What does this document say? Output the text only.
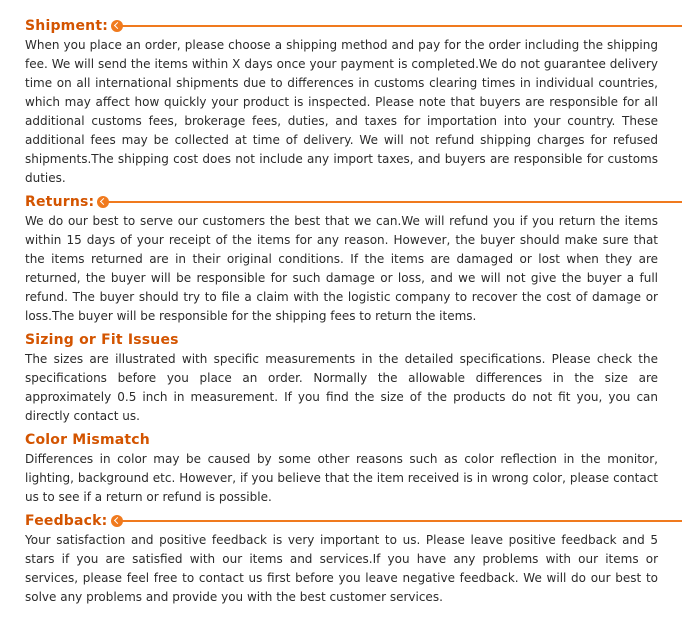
Shipment:

When you place an order, please choose a shipping method and pay for the order including the shipping fee. We will send the items within X days once your payment is completed.We do not guarantee delivery time on all international shipments due to differences in customs clearing times in individual countries, which may affect how quickly your product is inspected. Please note that buyers are responsible for all additional customs fees, brokerage fees, duties, and taxes for importation into your country. These additional fees may be collected at time of delivery. We will not refund shipping charges for refused shipments.The shipping cost does not include any import taxes, and buyers are responsible for customs duties.

Returns:

We do our best to serve our customers the best that we can.We will refund you if you return the items within 15 days of your receipt of the items for any reason. However, the buyer should make sure that the items returned are in their original conditions. If the items are damaged or lost when they are returned, the buyer will be responsible for such damage or loss, and we will not give the buyer a full refund. The buyer should try to file a claim with the logistic company to recover the cost of damage or loss.The buyer will be responsible for the shipping fees to return the items.

Sizing or Fit Issues

The sizes are illustrated with specific measurements in the detailed specifications. Please check the specifications before you place an order. Normally the allowable differences in the size are approximately 0.5 inch in measurement. If you find the size of the products do not fit you, you can directly contact us.

Color Mismatch

Differences in color may be caused by some other reasons such as color reflection in the monitor, lighting, background etc. However, if you believe that the item received is in wrong color, please contact us to see if a return or refund is possible.

Feedback:

Your satisfaction and positive feedback is very important to us. Please leave positive feedback and 5 stars if you are satisfied with our items and services.If you have any problems with our items or services, please feel free to contact us first before you leave negative feedback. We will do our best to solve any problems and provide you with the best customer services.
